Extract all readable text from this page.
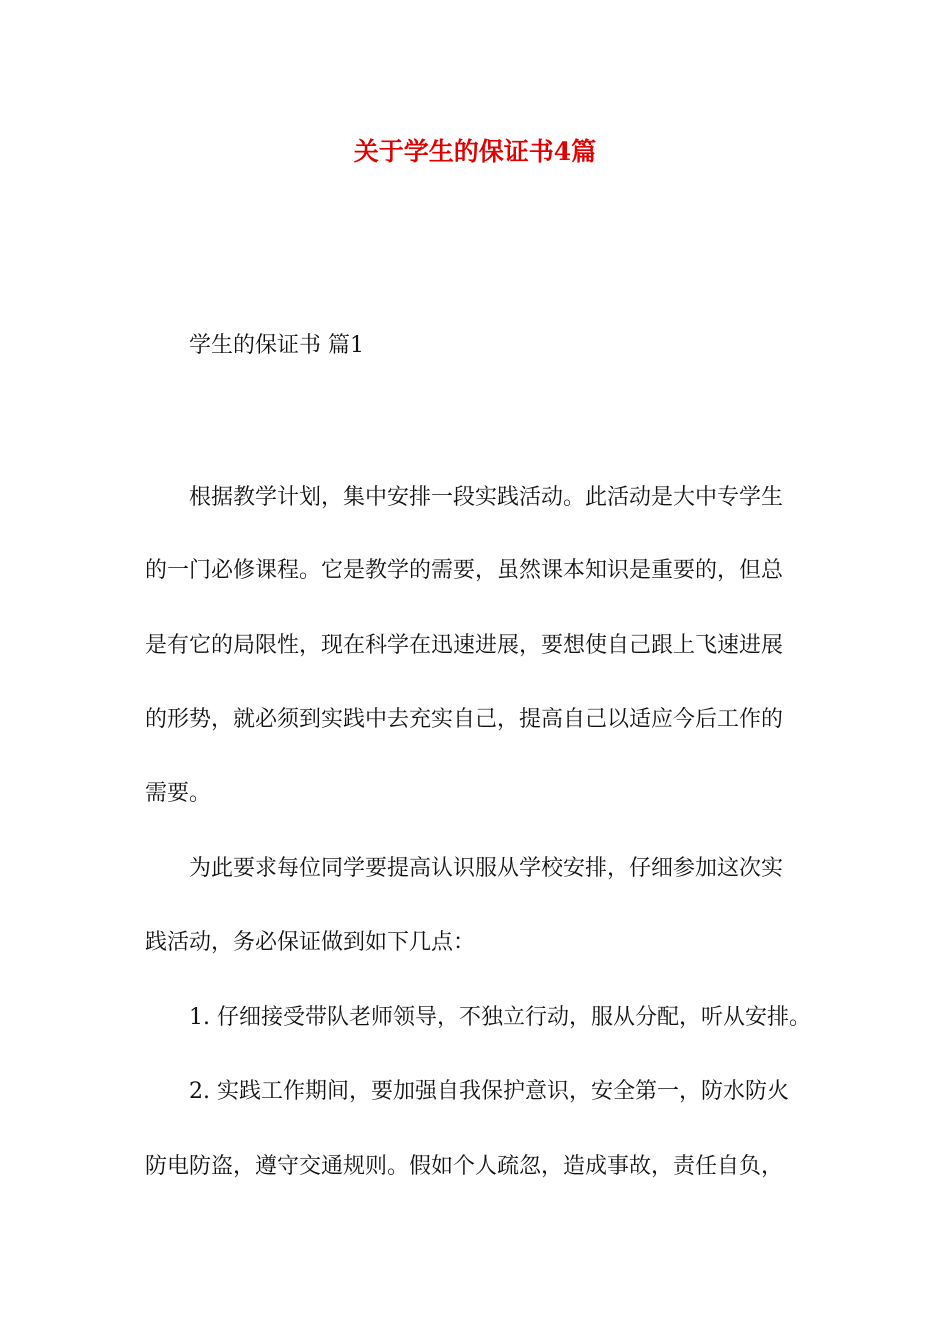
关于学生的保证书4篇
学生的保证书 篇1
根据教学计划，集中安排一段实践活动。此活动是大中专学生
的一门必修课程。它是教学的需要，虽然课本知识是重要的，但总
是有它的局限性，现在科学在迅速进展，要想使自己跟上飞速进展
的形势，就必须到实践中去充实自己，提高自己以适应今后工作的
需要。
为此要求每位同学要提高认识服从学校安排，仔细参加这次实
践活动，务必保证做到如下几点：
1. 仔细接受带队老师领导，不独立行动，服从分配，听从安排。
2. 实践工作期间，要加强自我保护意识，安全第一，防水防火
防电防盗，遵守交通规则。假如个人疏忽，造成事故，责任自负，
